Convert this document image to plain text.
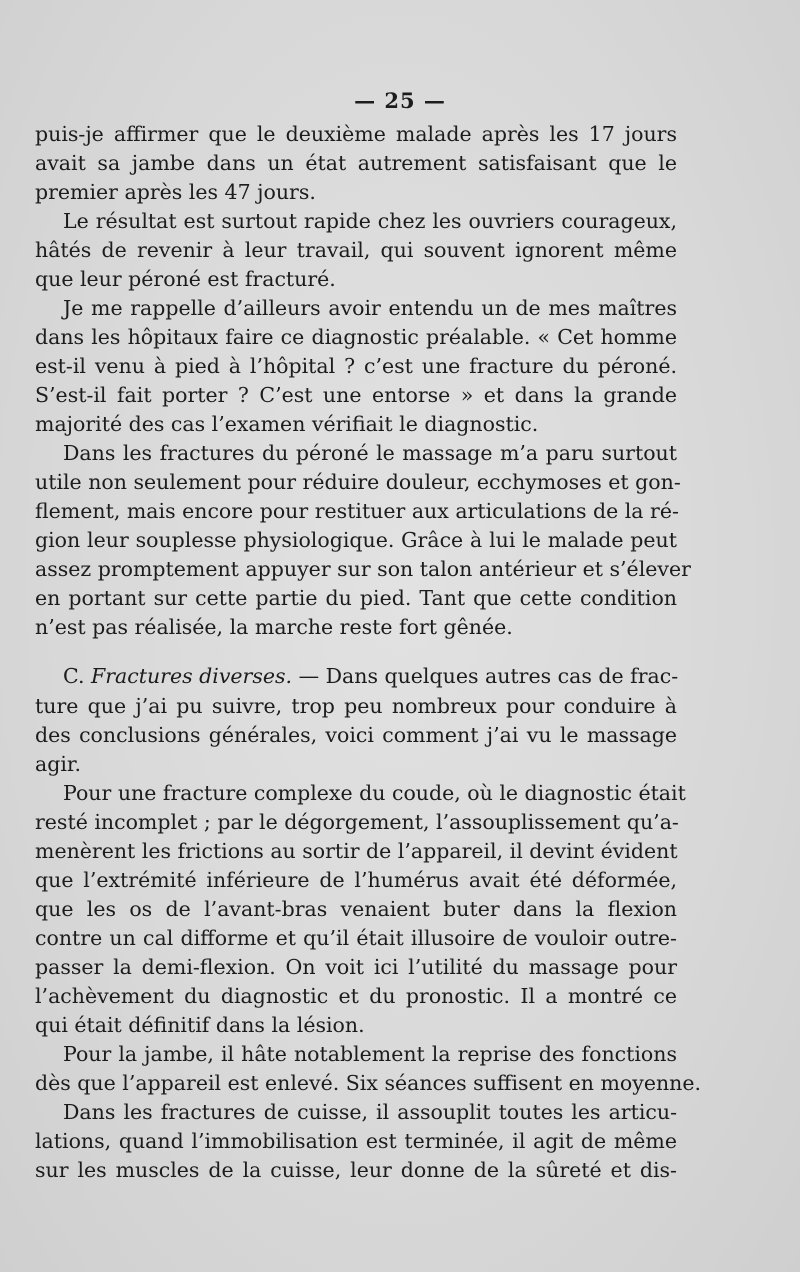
— 25 —
puis-je affirmer que le deuxième malade après les 17 jours
avait sa jambe dans un état autrement satisfaisant que le
premier après les 47 jours.
Le résultat est surtout rapide chez les ouvriers courageux,
hâtés de revenir à leur travail, qui souvent ignorent même
que leur péroné est fracturé.
Je me rappelle d’ailleurs avoir entendu un de mes maîtres
dans les hôpitaux faire ce diagnostic préalable. « Cet homme
est-il venu à pied à l’hôpital ? c’est une fracture du péroné.
S’est-il fait porter ? C’est une entorse » et dans la grande
majorité des cas l’examen vérifiait le diagnostic.
Dans les fractures du péroné le massage m’a paru surtout
utile non seulement pour réduire douleur, ecchymoses et gon-
flement, mais encore pour restituer aux articulations de la ré-
gion leur souplesse physiologique. Grâce à lui le malade peut
assez promptement appuyer sur son talon antérieur et s’élever
en portant sur cette partie du pied. Tant que cette condition
n’est pas réalisée, la marche reste fort gênée.
C. Fractures diverses. — Dans quelques autres cas de frac-
ture que j’ai pu suivre, trop peu nombreux pour conduire à
des conclusions générales, voici comment j’ai vu le massage
agir.
Pour une fracture complexe du coude, où le diagnostic était
resté incomplet ; par le dégorgement, l’assouplissement qu’a-
menèrent les frictions au sortir de l’appareil, il devint évident
que l’extrémité inférieure de l’humérus avait été déformée,
que les os de l’avant-bras venaient buter dans la flexion
contre un cal difforme et qu’il était illusoire de vouloir outre-
passer la demi-flexion. On voit ici l’utilité du massage pour
l’achèvement du diagnostic et du pronostic. Il a montré ce
qui était définitif dans la lésion.
Pour la jambe, il hâte notablement la reprise des fonctions
dès que l’appareil est enlevé. Six séances suffisent en moyenne.
Dans les fractures de cuisse, il assouplit toutes les articu-
lations, quand l’immobilisation est terminée, il agit de même
sur les muscles de la cuisse, leur donne de la sûreté et dis-
